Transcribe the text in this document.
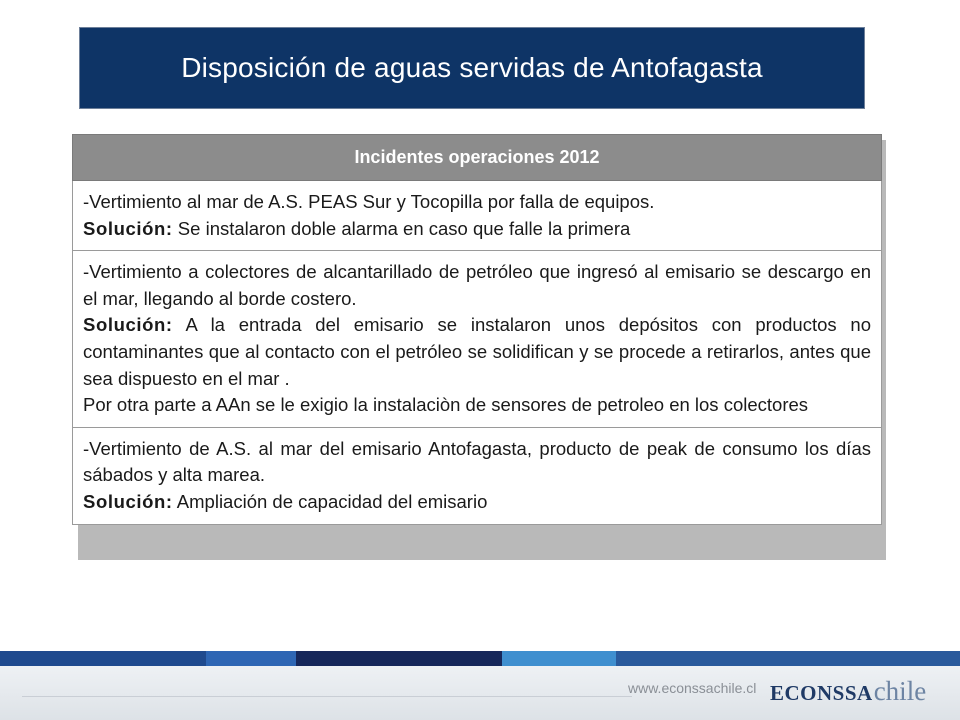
Disposición de aguas servidas de Antofagasta
Incidentes operaciones 2012
-Vertimiento al mar de A.S. PEAS Sur y Tocopilla por falla de equipos.
Solución: Se instalaron doble alarma en caso que falle la primera
-Vertimiento a colectores de alcantarillado de petróleo que ingresó al emisario se descargo en el mar, llegando al borde costero.
Solución: A la entrada del emisario se instalaron unos depósitos con productos no contaminantes que al contacto con el petróleo se solidifican y se procede a retirarlos, antes que sea dispuesto en el mar .
Por otra parte a AAn se le exigio la instalaciòn de sensores de petroleo en los colectores
-Vertimiento de A.S. al mar del emisario Antofagasta, producto de peak de consumo los días sábados y alta marea.
Solución: Ampliación de capacidad del emisario
www.econssachile.cl ECONSSAchile
